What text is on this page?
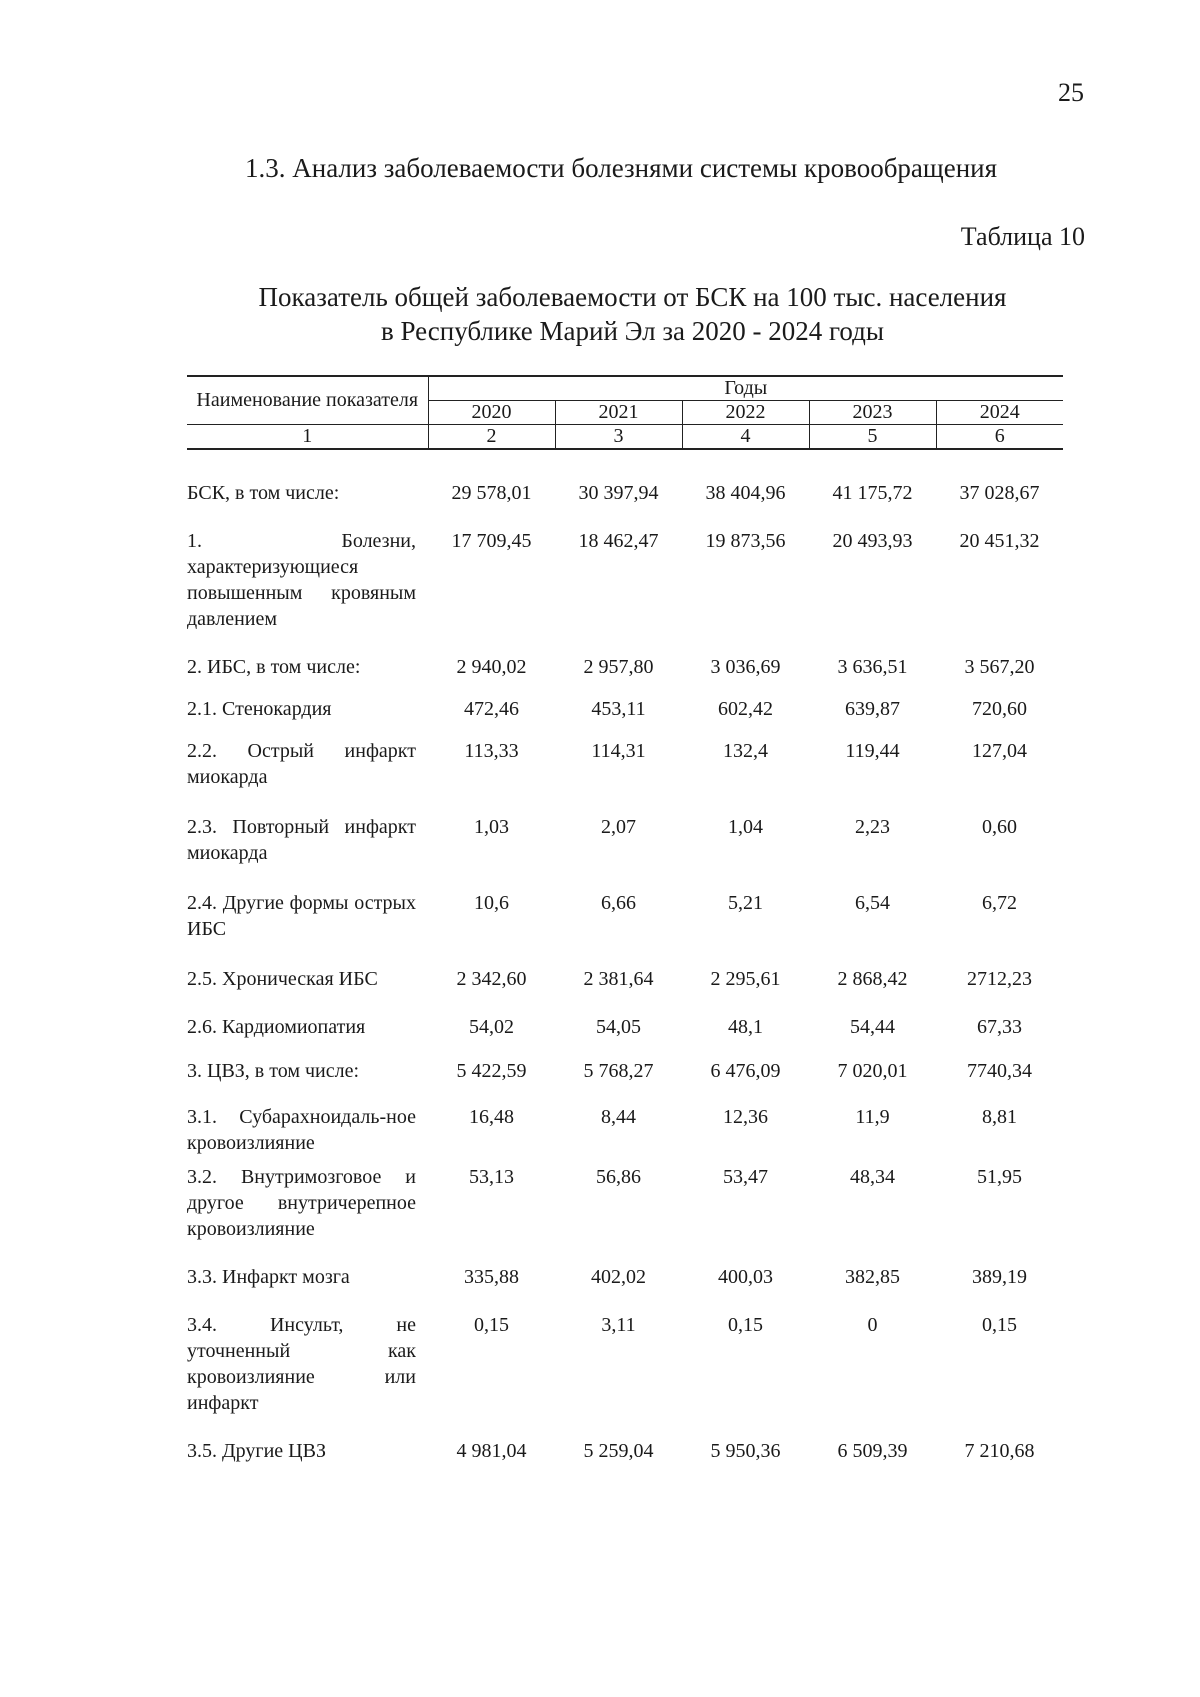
25
1.3. Анализ заболеваемости болезнями системы кровообращения
Таблица 10
Показатель общей заболеваемости от БСК на 100 тыс. населения
в Республике Марий Эл за 2020 - 2024 годы
Наименование показателя	Годы				
	2020	2021	2022	2023	2024
1	2	3	4	5	6

БСК, в том числе:	29 578,01	30 397,94	38 404,96	41 175,72	37 028,67

1. Болезни, характеризующиеся повышенным кровяным давлением	17 709,45	18 462,47	19 873,56	20 493,93	20 451,32

2. ИБС, в том числе:	2 940,02	2 957,80	3 036,69	3 636,51	3 567,20

2.1. Стенокардия	472,46	453,11	602,42	639,87	720,60

2.2. Острый инфаркт миокарда	113,33	114,31	132,4	119,44	127,04

2.3. Повторный инфаркт миокарда	1,03	2,07	1,04	2,23	0,60

2.4. Другие формы острых ИБС	10,6	6,66	5,21	6,54	6,72

2.5. Хроническая ИБС	2 342,60	2 381,64	2 295,61	2 868,42	2712,23

2.6. Кардиомиопатия	54,02	54,05	48,1	54,44	67,33

3. ЦВЗ, в том числе:	5 422,59	5 768,27	6 476,09	7 020,01	7740,34

3.1. Субарахноидаль-ное кровоизлияние	16,48	8,44	12,36	11,9	8,81

3.2. Внутримозговое и другое внутричерепное кровоизлияние	53,13	56,86	53,47	48,34	51,95

3.3. Инфаркт мозга	335,88	402,02	400,03	382,85	389,19

3.4. Инсульт, не уточненный как кровоизлияние или инфаркт	0,15	3,11	0,15	0	0,15

3.5. Другие ЦВЗ	4 981,04	5 259,04	5 950,36	6 509,39	7 210,68
